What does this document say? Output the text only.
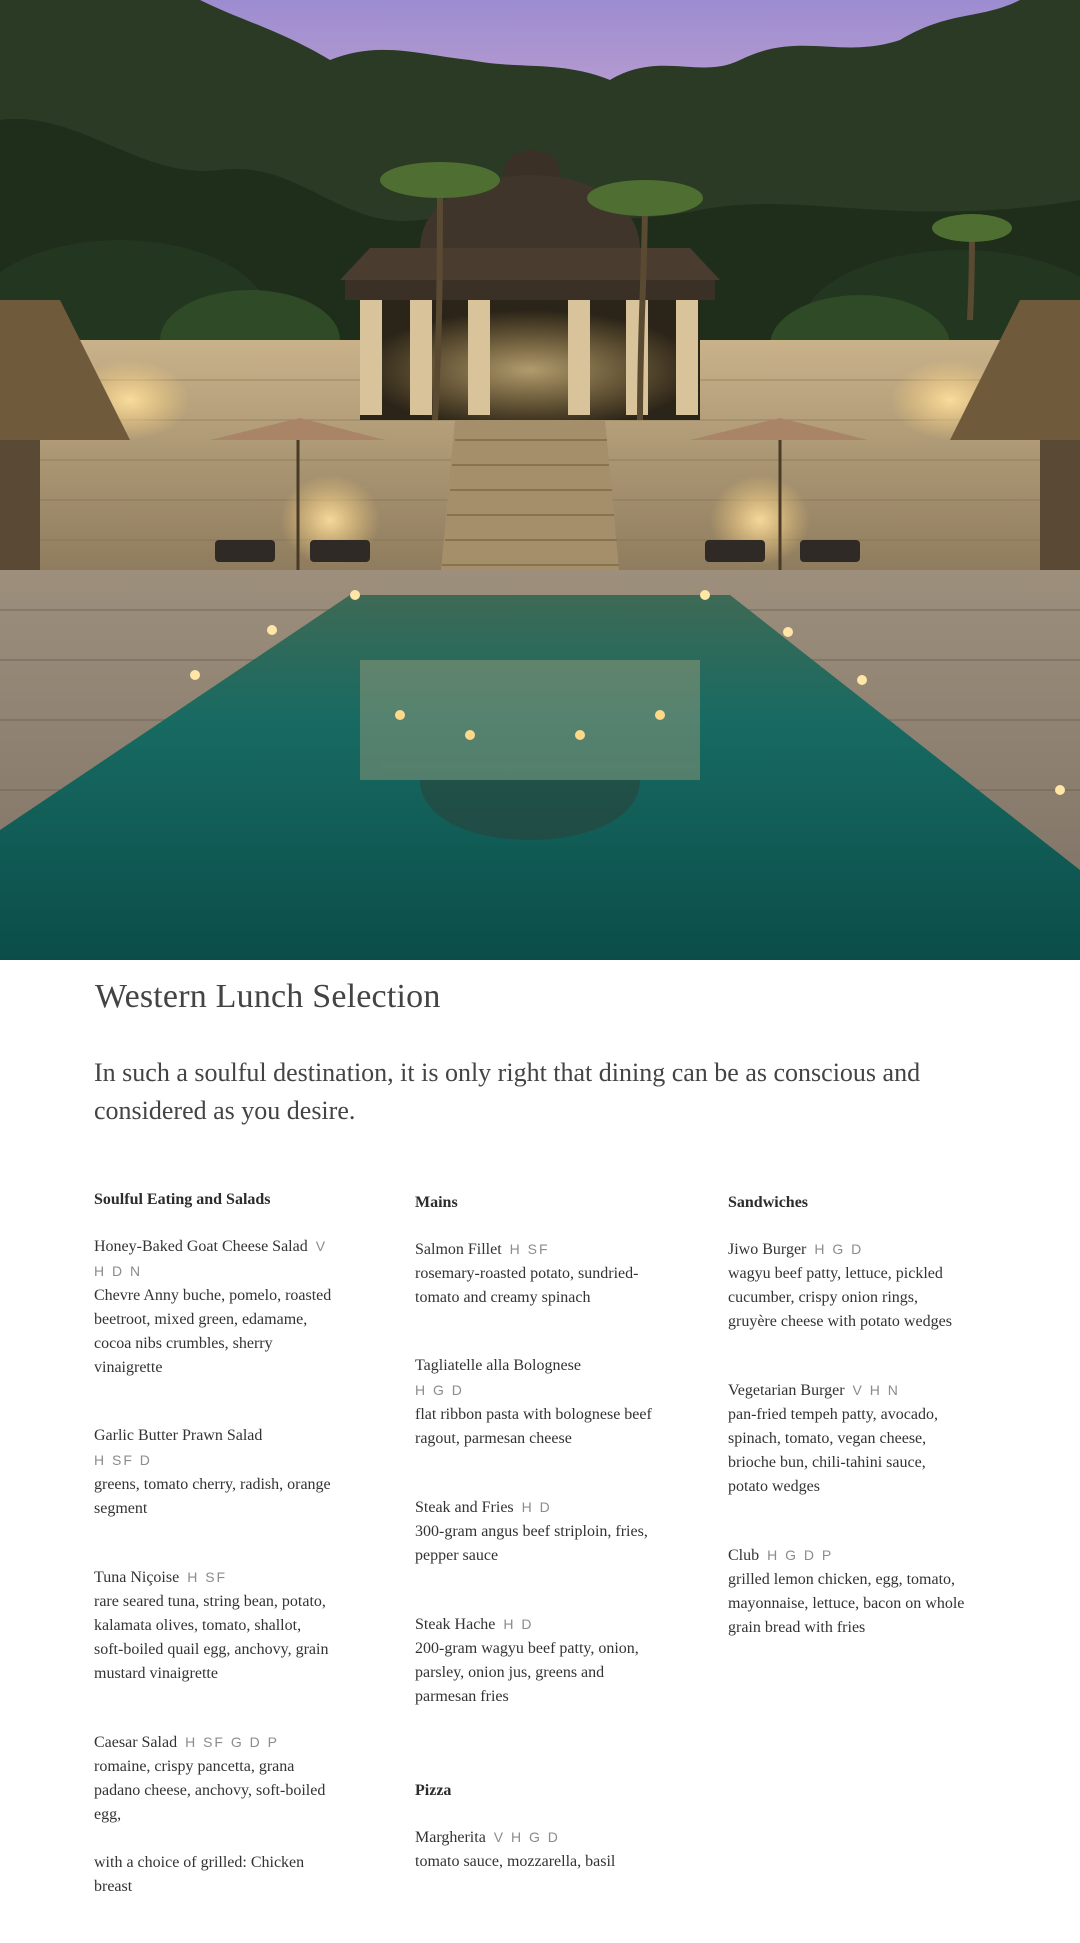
Western Lunch Selection

In such a soulful destination, it is only right that dining can be as conscious and considered as you desire.

Soulful Eating and Salads
Honey-Baked Goat Cheese Salad V H D N
Chevre Anny buche, pomelo, roasted beetroot, mixed green, edamame, cocoa nibs crumbles, sherry vinaigrette
Garlic Butter Prawn Salad
H SF D
greens, tomato cherry, radish, orange segment
Tuna Niçoise H SF
rare seared tuna, string bean, potato, kalamata olives, tomato, shallot, soft-boiled quail egg, anchovy, grain mustard vinaigrette
Caesar Salad H SF G D P
romaine, crispy pancetta, grana padano cheese, anchovy, soft-boiled egg,
with a choice of grilled: Chicken breast
Mains
Salmon Fillet H SF
rosemary-roasted potato, sundried-tomato and creamy spinach
Tagliatelle alla Bolognese
H G D
flat ribbon pasta with bolognese beef ragout, parmesan cheese
Steak and Fries H D
300-gram angus beef striploin, fries, pepper sauce
Steak Hache H D
200-gram wagyu beef patty, onion, parsley, onion jus, greens and parmesan fries
Pizza
Margherita V H G D
tomato sauce, mozzarella, basil
Sandwiches
Jiwo Burger H G D
wagyu beef patty, lettuce, pickled cucumber, crispy onion rings, gruyère cheese with potato wedges
Vegetarian Burger V H N
pan-fried tempeh patty, avocado, spinach, tomato, vegan cheese, brioche bun, chili-tahini sauce, potato wedges
Club H G D P
grilled lemon chicken, egg, tomato, mayonnaise, lettuce, bacon on whole grain bread with fries
